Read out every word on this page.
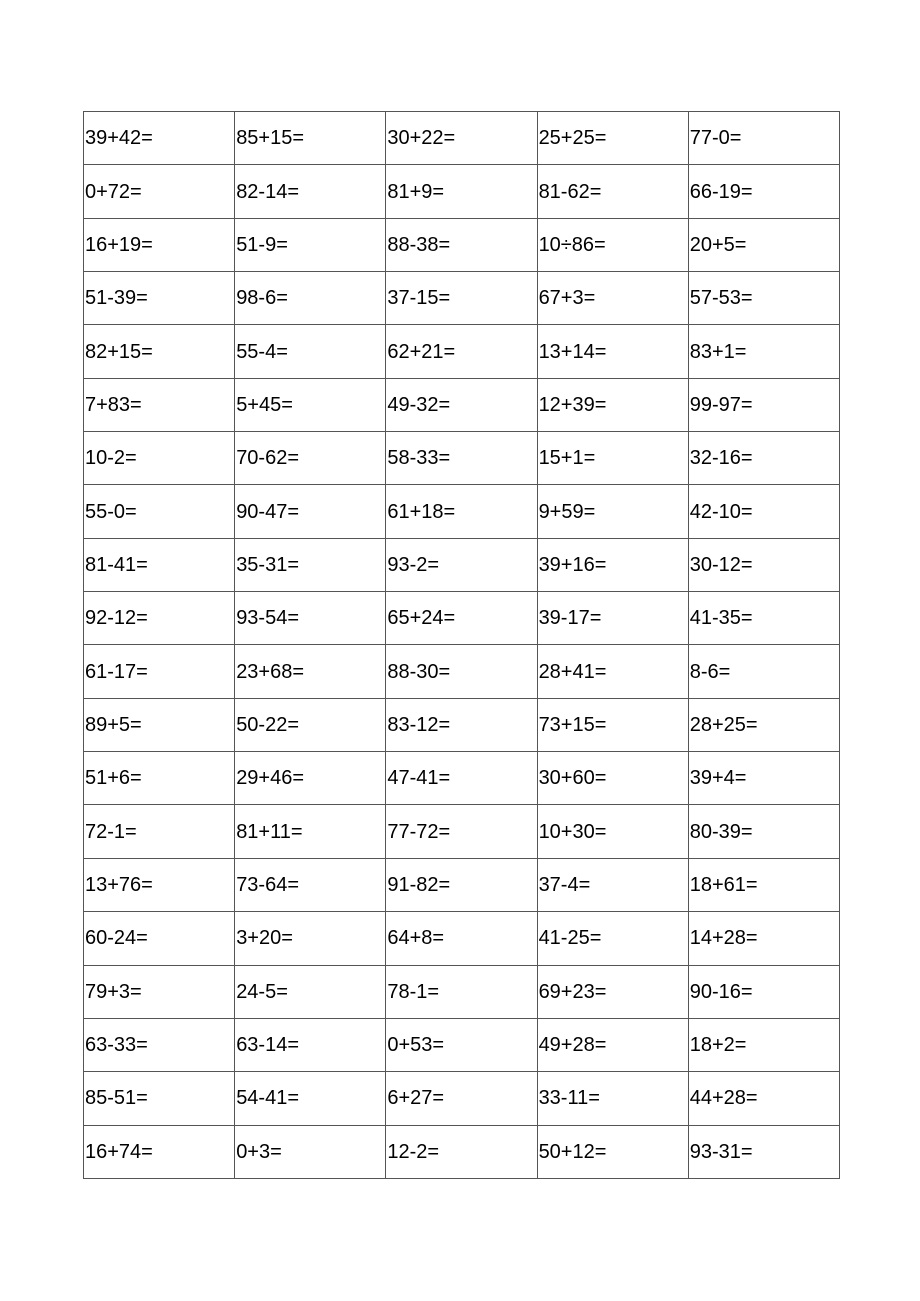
39+42=	85+15=	30+22=	25+25=	77-0=
0+72=	82-14=	81+9=	81-62=	66-19=
16+19=	51-9=	88-38=	10÷86=	20+5=
51-39=	98-6=	37-15=	67+3=	57-53=
82+15=	55-4=	62+21=	13+14=	83+1=
7+83=	5+45=	49-32=	12+39=	99-97=
10-2=	70-62=	58-33=	15+1=	32-16=
55-0=	90-47=	61+18=	9+59=	42-10=
81-41=	35-31=	93-2=	39+16=	30-12=
92-12=	93-54=	65+24=	39-17=	41-35=
61-17=	23+68=	88-30=	28+41=	8-6=
89+5=	50-22=	83-12=	73+15=	28+25=
51+6=	29+46=	47-41=	30+60=	39+4=
72-1=	81+11=	77-72=	10+30=	80-39=
13+76=	73-64=	91-82=	37-4=	18+61=
60-24=	3+20=	64+8=	41-25=	14+28=
79+3=	24-5=	78-1=	69+23=	90-16=
63-33=	63-14=	0+53=	49+28=	18+2=
85-51=	54-41=	6+27=	33-11=	44+28=
16+74=	0+3=	12-2=	50+12=	93-31=
